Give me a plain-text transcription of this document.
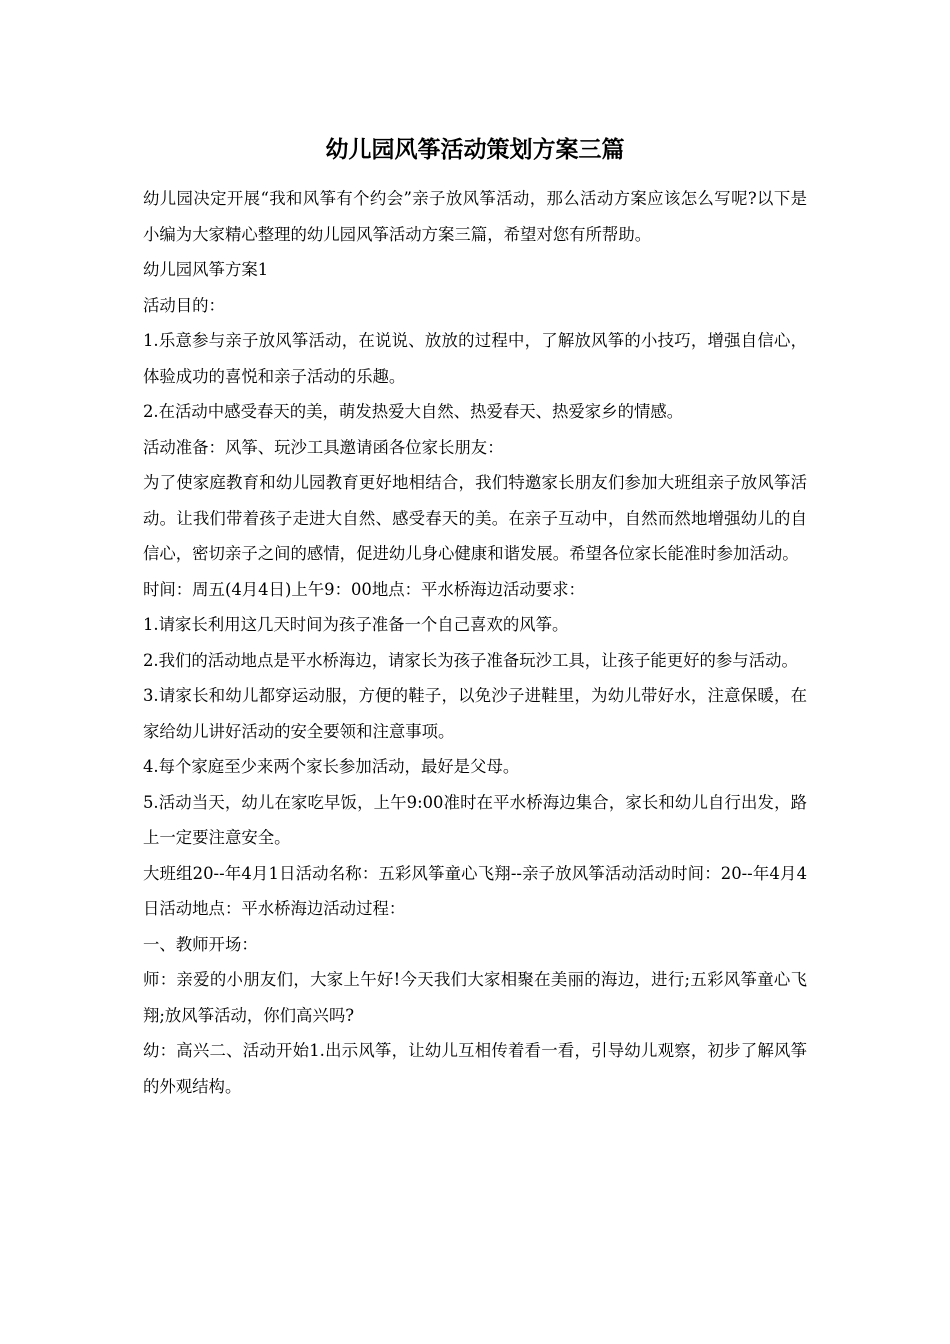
幼儿园风筝活动策划方案三篇

幼儿园决定开展“我和风筝有个约会”亲子放风筝活动，那么活动方案应该怎么写呢?以下是小编为大家精心整理的幼儿园风筝活动方案三篇，希望对您有所帮助。

幼儿园风筝方案1

活动目的：

1.乐意参与亲子放风筝活动，在说说、放放的过程中，了解放风筝的小技巧，增强自信心，体验成功的喜悦和亲子活动的乐趣。

2.在活动中感受春天的美，萌发热爱大自然、热爱春天、热爱家乡的情感。

活动准备：风筝、玩沙工具邀请函各位家长朋友：

为了使家庭教育和幼儿园教育更好地相结合，我们特邀家长朋友们参加大班组亲子放风筝活动。让我们带着孩子走进大自然、感受春天的美。在亲子互动中，自然而然地增强幼儿的自信心，密切亲子之间的感情，促进幼儿身心健康和谐发展。希望各位家长能准时参加活动。

时间：周五(4月4日)上午9：00地点：平水桥海边活动要求：

1.请家长利用这几天时间为孩子准备一个自己喜欢的风筝。

2.我们的活动地点是平水桥海边，请家长为孩子准备玩沙工具，让孩子能更好的参与活动。

3.请家长和幼儿都穿运动服，方便的鞋子，以免沙子进鞋里，为幼儿带好水，注意保暖，在家给幼儿讲好活动的安全要领和注意事项。

4.每个家庭至少来两个家长参加活动，最好是父母。

5.活动当天，幼儿在家吃早饭，上午9:00准时在平水桥海边集合，家长和幼儿自行出发，路上一定要注意安全。

大班组20--年4月1日活动名称：五彩风筝童心飞翔--亲子放风筝活动活动时间：20--年4月4日活动地点：平水桥海边活动过程：

一、教师开场：

师：亲爱的小朋友们，大家上午好!今天我们大家相聚在美丽的海边，进行;五彩风筝童心飞翔;放风筝活动，你们高兴吗?

幼：高兴二、活动开始1.出示风筝，让幼儿互相传着看一看，引导幼儿观察，初步了解风筝的外观结构。
